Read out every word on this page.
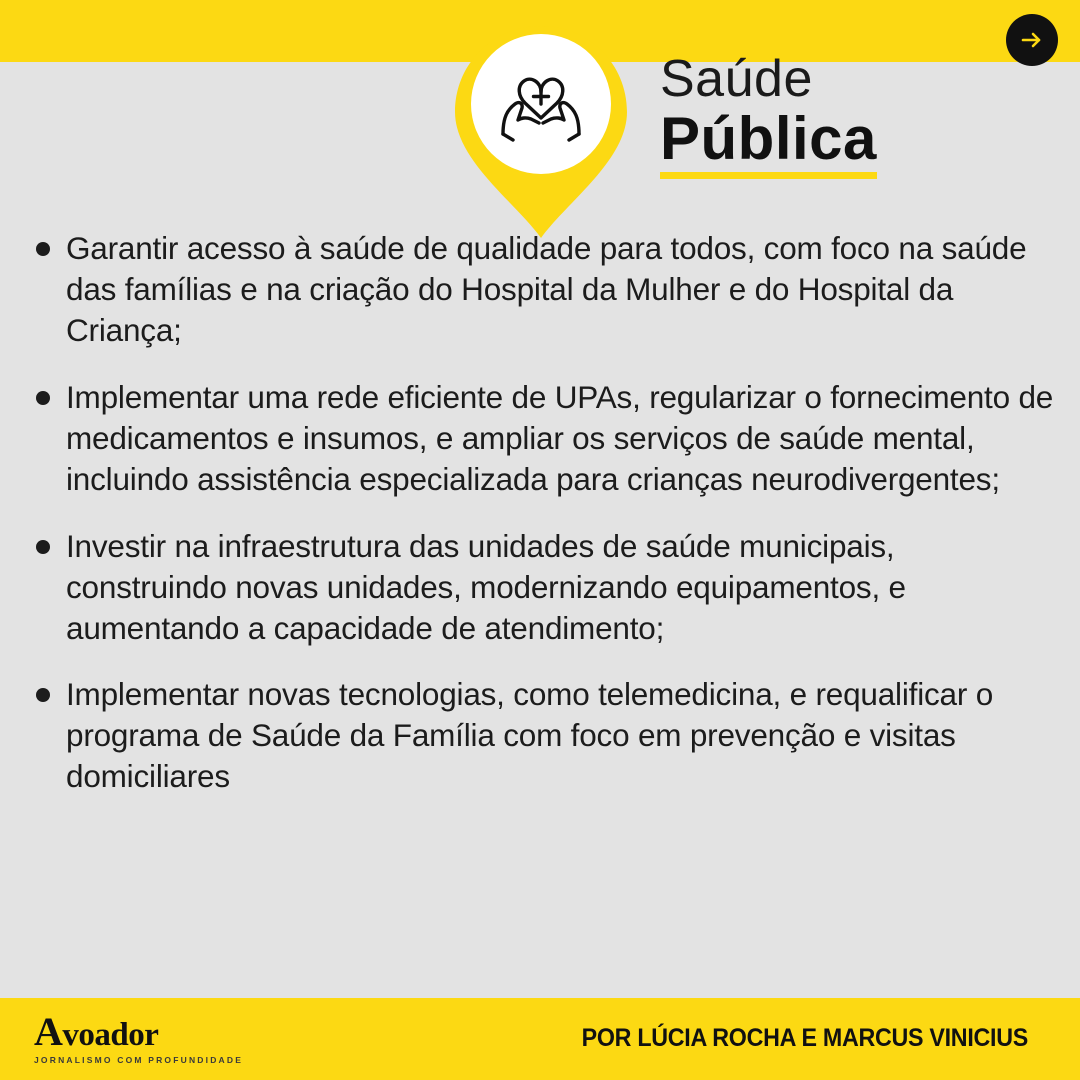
Saúde
Pública
Garantir acesso à saúde de qualidade para todos, com foco na saúde das famílias e na criação do Hospital da Mulher e do Hospital da Criança;
Implementar uma rede eficiente de UPAs, regularizar o fornecimento de medicamentos e insumos, e ampliar os serviços de saúde mental, incluindo assistência especializada para crianças neurodivergentes;
Investir na infraestrutura das unidades de saúde municipais, construindo novas unidades, modernizando equipamentos, e aumentando a capacidade de atendimento;
Implementar novas tecnologias, como telemedicina, e requalificar o programa de Saúde da Família com foco em prevenção e visitas domiciliares
Avoador
JORNALISMO COM PROFUNDIDADE
POR LÚCIA ROCHA E MARCUS VINICIUS
